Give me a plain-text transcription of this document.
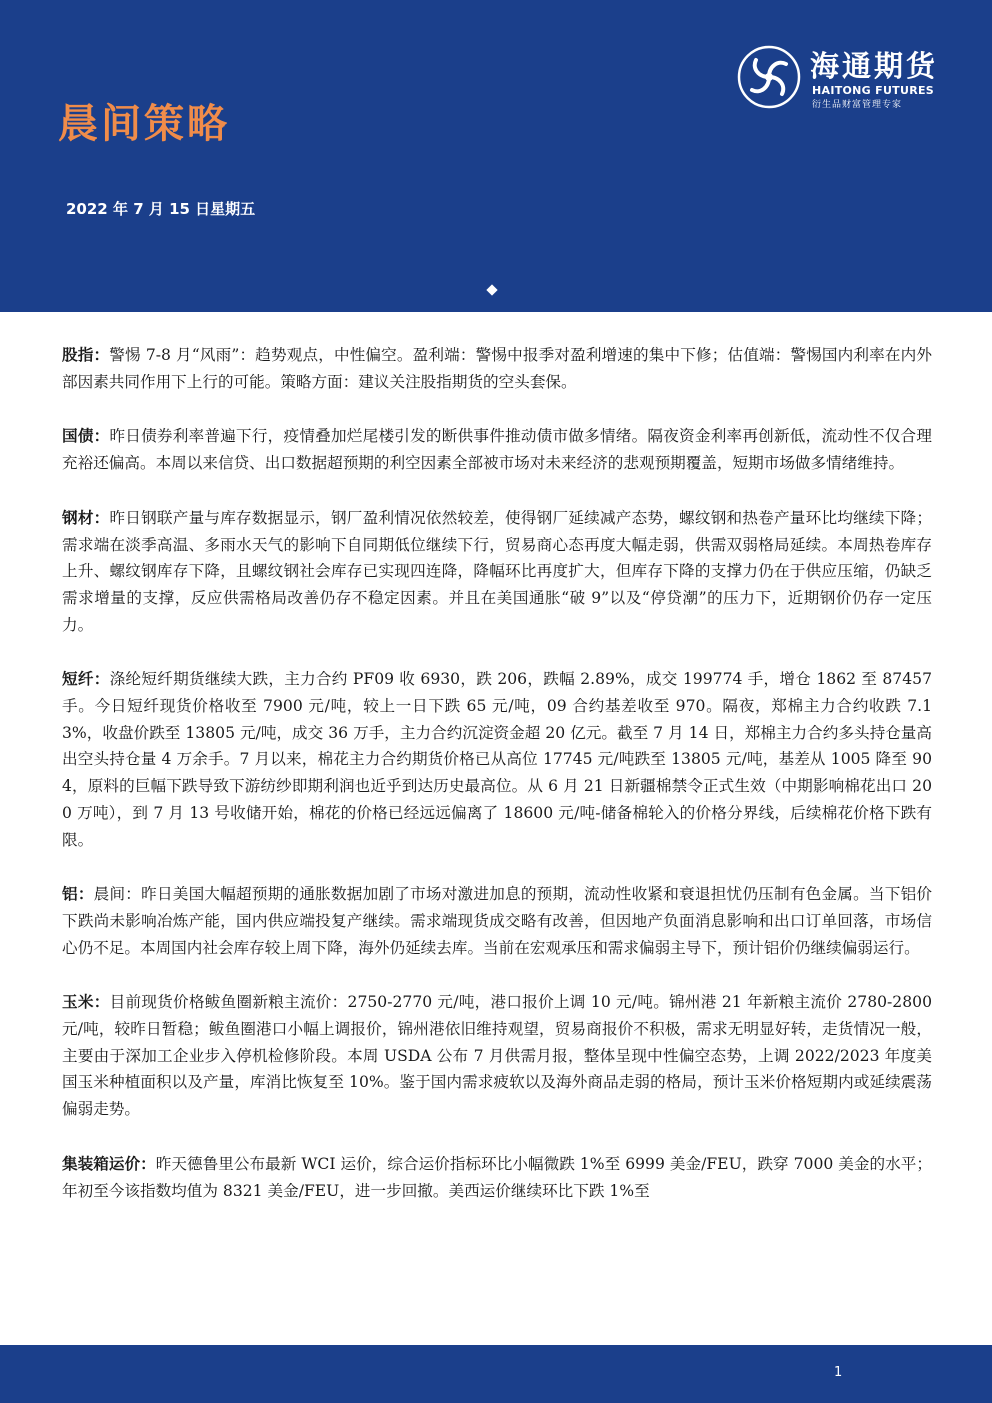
晨间策略
2022 年 7 月 15 日星期五
海通期货
HAITONG FUTURES
衍生品财富管理专家

股指：警惕 7-8 月“风雨”：趋势观点，中性偏空。盈利端：警惕中报季对盈利增速的集中下修；估值端：警惕国内利率在内外部因素共同作用下上行的可能。策略方面：建议关注股指期货的空头套保。

国债：昨日债券利率普遍下行，疫情叠加烂尾楼引发的断供事件推动债市做多情绪。隔夜资金利率再创新低，流动性不仅合理充裕还偏高。本周以来信贷、出口数据超预期的利空因素全部被市场对未来经济的悲观预期覆盖，短期市场做多情绪维持。

钢材：昨日钢联产量与库存数据显示，钢厂盈利情况依然较差，使得钢厂延续减产态势，螺纹钢和热卷产量环比均继续下降；需求端在淡季高温、多雨水天气的影响下自同期低位继续下行，贸易商心态再度大幅走弱，供需双弱格局延续。本周热卷库存上升、螺纹钢库存下降，且螺纹钢社会库存已实现四连降，降幅环比再度扩大，但库存下降的支撑力仍在于供应压缩，仍缺乏需求增量的支撑，反应供需格局改善仍存不稳定因素。并且在美国通胀“破 9”以及“停贷潮”的压力下，近期钢价仍存一定压力。

短纤：涤纶短纤期货继续大跌，主力合约 PF09 收 6930，跌 206，跌幅 2.89%，成交 199774 手，增仓 1862 至 87457 手。今日短纤现货价格收至 7900 元/吨，较上一日下跌 65 元/吨，09 合约基差收至 970。隔夜，郑棉主力合约收跌 7.13%，收盘价跌至 13805 元/吨，成交 36 万手，主力合约沉淀资金超 20 亿元。截至 7 月 14 日，郑棉主力合约多头持仓量高出空头持仓量 4 万余手。7 月以来，棉花主力合约期货价格已从高位 17745 元/吨跌至 13805 元/吨，基差从 1005 降至 904，原料的巨幅下跌导致下游纺纱即期利润也近乎到达历史最高位。从 6 月 21 日新疆棉禁令正式生效（中期影响棉花出口 200 万吨），到 7 月 13 号收储开始，棉花的价格已经远远偏离了 18600 元/吨-储备棉轮入的价格分界线，后续棉花价格下跌有限。

铝：晨间：昨日美国大幅超预期的通胀数据加剧了市场对激进加息的预期，流动性收紧和衰退担忧仍压制有色金属。当下铝价下跌尚未影响冶炼产能，国内供应端投复产继续。需求端现货成交略有改善，但因地产负面消息影响和出口订单回落，市场信心仍不足。本周国内社会库存较上周下降，海外仍延续去库。当前在宏观承压和需求偏弱主导下，预计铝价仍继续偏弱运行。

玉米：目前现货价格鲅鱼圈新粮主流价：2750-2770 元/吨，港口报价上调 10 元/吨。锦州港 21 年新粮主流价 2780-2800 元/吨，较昨日暂稳；鲅鱼圈港口小幅上调报价，锦州港依旧维持观望，贸易商报价不积极，需求无明显好转，走货情况一般，主要由于深加工企业步入停机检修阶段。本周 USDA 公布 7 月供需月报，整体呈现中性偏空态势，上调 2022/2023 年度美国玉米种植面积以及产量，库消比恢复至 10%。鉴于国内需求疲软以及海外商品走弱的格局，预计玉米价格短期内或延续震荡偏弱走势。

集装箱运价：昨天德鲁里公布最新 WCI 运价，综合运价指标环比小幅微跌 1%至 6999 美金/FEU，跌穿 7000 美金的水平；年初至今该指数均值为 8321 美金/FEU，进一步回撤。美西运价继续环比下跌 1%至

1
